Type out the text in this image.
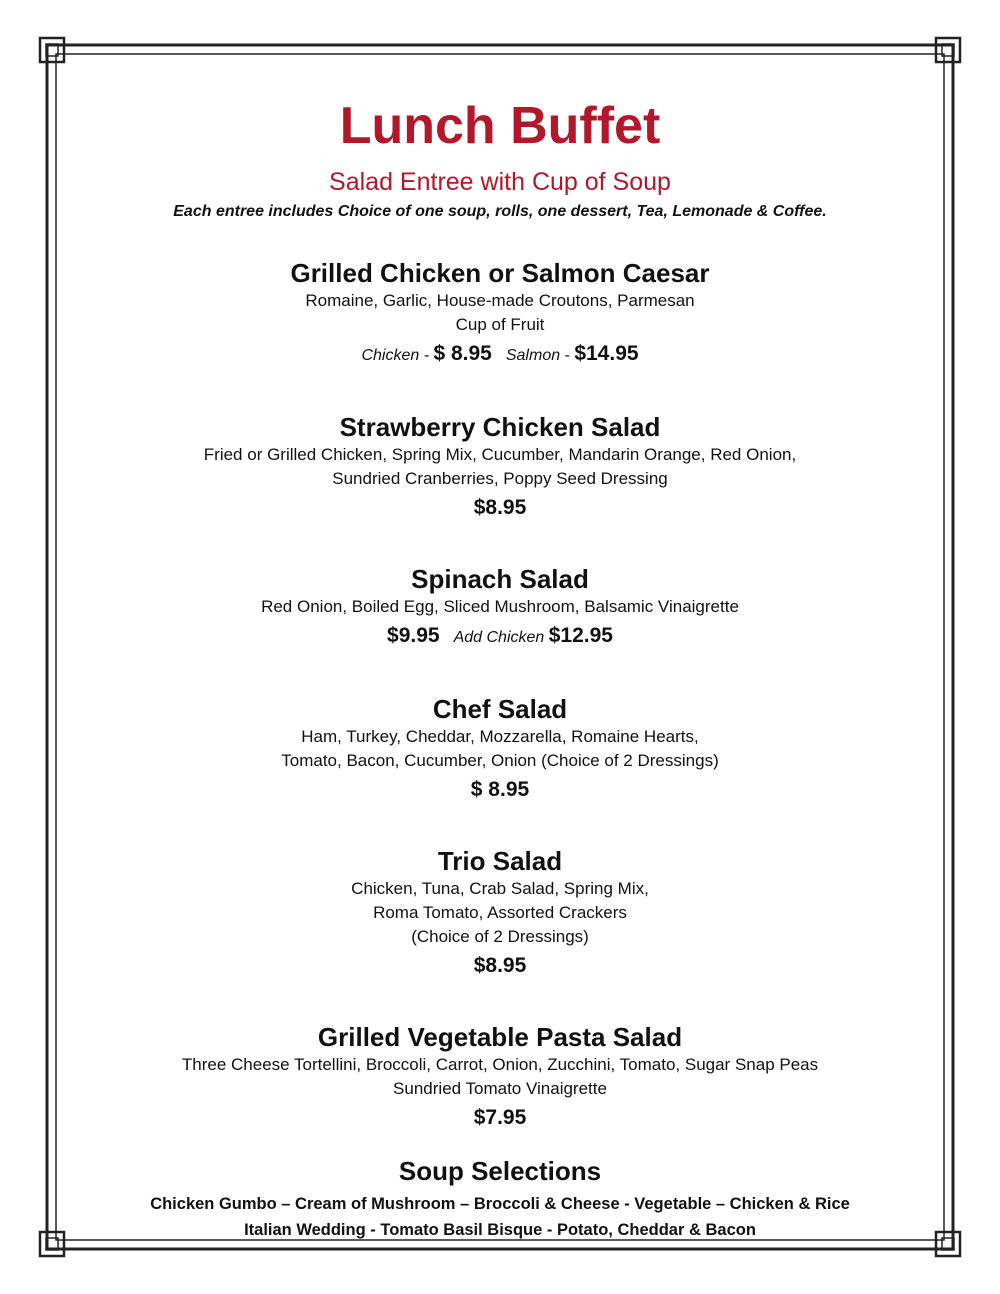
Lunch Buffet
Salad Entree with Cup of Soup
Each entree includes Choice of one soup, rolls, one dessert, Tea, Lemonade & Coffee.
Grilled Chicken or Salmon Caesar
Romaine, Garlic, House-made Croutons, Parmesan
Cup of Fruit
Chicken - $ 8.95 Salmon - $14.95
Strawberry Chicken Salad
Fried or Grilled Chicken, Spring Mix, Cucumber, Mandarin Orange, Red Onion,
Sundried Cranberries, Poppy Seed Dressing
$8.95
Spinach Salad
Red Onion, Boiled Egg, Sliced Mushroom, Balsamic Vinaigrette
$9.95 Add Chicken $12.95
Chef Salad
Ham, Turkey, Cheddar, Mozzarella, Romaine Hearts,
Tomato, Bacon, Cucumber, Onion (Choice of 2 Dressings)
$ 8.95
Trio Salad
Chicken, Tuna, Crab Salad, Spring Mix,
Roma Tomato, Assorted Crackers
(Choice of 2 Dressings)
$8.95
Grilled Vegetable Pasta Salad
Three Cheese Tortellini, Broccoli, Carrot, Onion, Zucchini, Tomato, Sugar Snap Peas
Sundried Tomato Vinaigrette
$7.95
Soup Selections
Chicken Gumbo – Cream of Mushroom – Broccoli & Cheese - Vegetable – Chicken & Rice
Italian Wedding - Tomato Basil Bisque - Potato, Cheddar & Bacon
